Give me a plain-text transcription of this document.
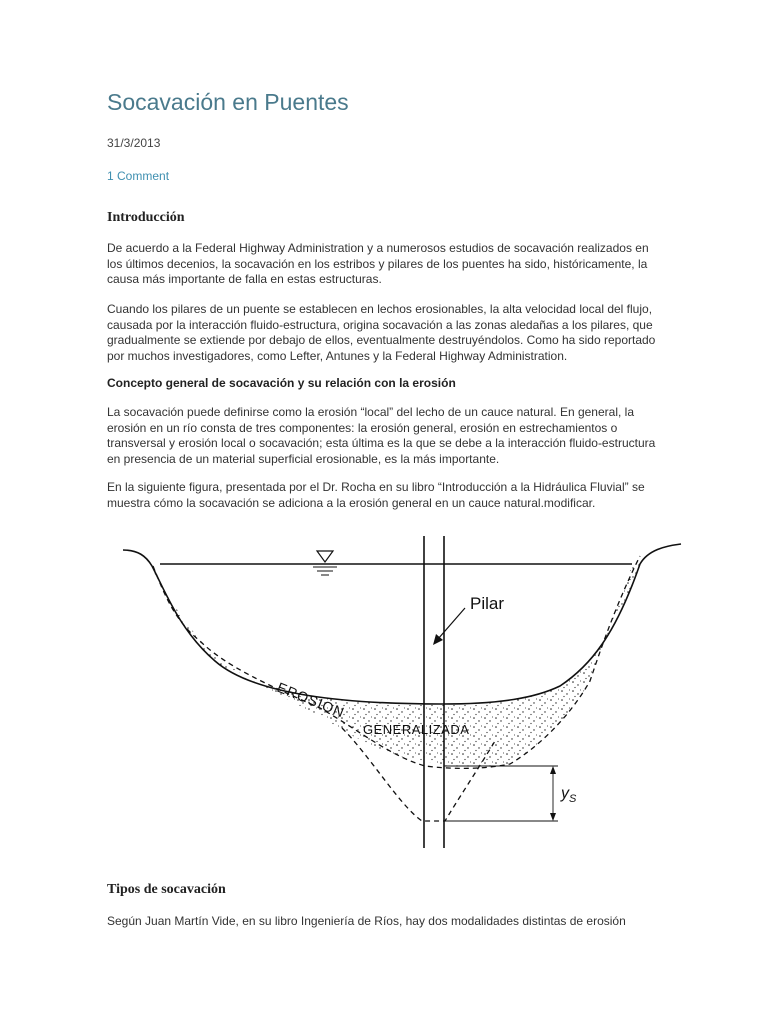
Socavación en Puentes
31/3/2013
1 Comment
Introducción

De acuerdo a la Federal Highway Administration y a numerosos estudios de socavación realizados en los últimos decenios, la socavación en los estribos y pilares de los puentes ha sido, históricamente, la causa más importante de falla en estas estructuras.

Cuando los pilares de un puente se establecen en lechos erosionables, la alta velocidad local del flujo, causada por la interacción fluido-estructura, origina socavación a las zonas aledañas a los pilares, que gradualmente se extiende por debajo de ellos, eventualmente destruyéndolos. Como ha sido reportado por muchos investigadores, como Lefter, Antunes y la Federal Highway Administration.

Concepto general de socavación y su relación con la erosión

La socavación puede definirse como la erosión “local” del lecho de un cauce natural. En general, la erosión en un río consta de tres componentes: la erosión general, erosión en estrechamientos o transversal y erosión local o socavación; esta última es la que se debe a la interacción fluido-estructura en presencia de un material superficial erosionable, es la más importante.

En la siguiente figura, presentada por el Dr. Rocha en su libro “Introducción a la Hidráulica Fluvial” se muestra cómo la socavación se adiciona a la erosión general en un cauce natural.modificar.

Tipos de socavación

Según Juan Martín Vide, en su libro Ingeniería de Ríos, hay dos modalidades distintas de erosión

Pilar
$y_S$
EROSION
GENERALIZADA
